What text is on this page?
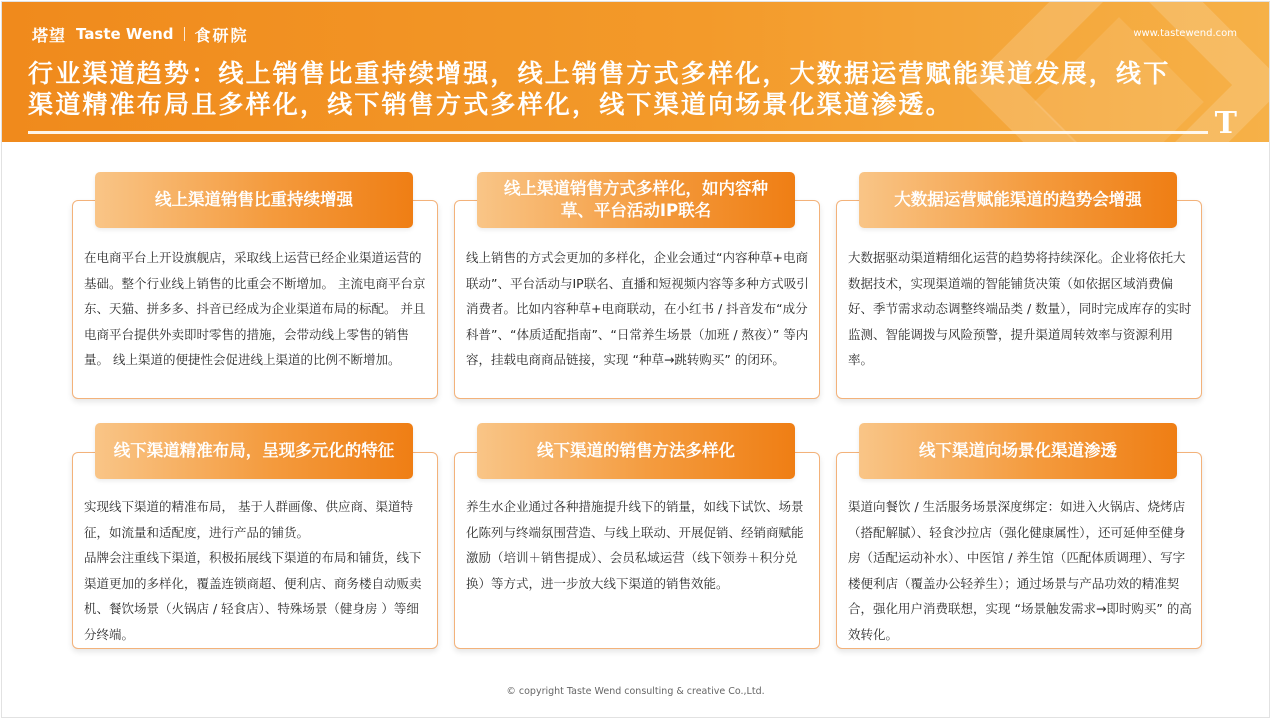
塔望 Taste Wend 食研院	www.tastewend.com
行业渠道趋势：线上销售比重持续增强，线上销售方式多样化，大数据运营赋能渠道发展，线下渠道精准布局且多样化，线下销售方式多样化，线下渠道向场景化渠道渗透。
T

在电商平台上开设旗舰店，采取线上运营已经企业渠道运营的基础。整个行业线上销售的比重会不断增加。 主流电商平台京东、天猫、拼多多、抖音已经成为企业渠道布局的标配。 并且电商平台提供外卖即时零售的措施，会带动线上零售的销售量。 线上渠道的便捷性会促进线上渠道的比例不断增加。

线上渠道销售比重持续增强

线上销售的方式会更加的多样化，企业会通过“内容种草+电商联动”、平台活动与IP联名、直播和短视频内容等多种方式吸引消费者。比如内容种草+电商联动，在小红书 / 抖音发布“成分科普”、“体质适配指南”、“日常养生场景（加班 / 熬夜）” 等内容，挂载电商商品链接，实现 “种草→跳转购买” 的闭环。

线上渠道销售方式多样化，如内容种草、平台活动IP联名

大数据驱动渠道精细化运营的趋势将持续深化。企业将依托大数据技术，实现渠道端的智能铺货决策（如依据区域消费偏好、季节需求动态调整终端品类 / 数量），同时完成库存的实时监测、智能调拨与风险预警，提升渠道周转效率与资源利用率。

大数据运营赋能渠道的趋势会增强
实现线下渠道的精准布局， 基于人群画像、供应商、渠道特征，如流量和适配度，进行产品的铺货。
品牌会注重线下渠道，积极拓展线下渠道的布局和铺货，线下渠道更加的多样化，覆盖连锁商超、便利店、商务楼自动贩卖机、餐饮场景（火锅店 / 轻食店）、特殊场景（健身房 ）等细分终端。
线下渠道精准布局，呈现多元化的特征

养生水企业通过各种措施提升线下的销量，如线下试饮、场景化陈列与终端氛围营造、与线上联动、开展促销、经销商赋能激励（培训＋销售提成）、会员私域运营（线下领券＋积分兑换）等方式，进一步放大线下渠道的销售效能。

线下渠道的销售方法多样化

渠道向餐饮 / 生活服务场景深度绑定：如进入火锅店、烧烤店（搭配解腻）、轻食沙拉店（强化健康属性），还可延伸至健身房（适配运动补水）、中医馆 / 养生馆（匹配体质调理）、写字楼便利店（覆盖办公轻养生）；通过场景与产品功效的精准契合，强化用户消费联想，实现 “场景触发需求→即时购买” 的高效转化。

线下渠道向场景化渠道渗透
© copyright Taste Wend consulting & creative Co.,Ltd.
